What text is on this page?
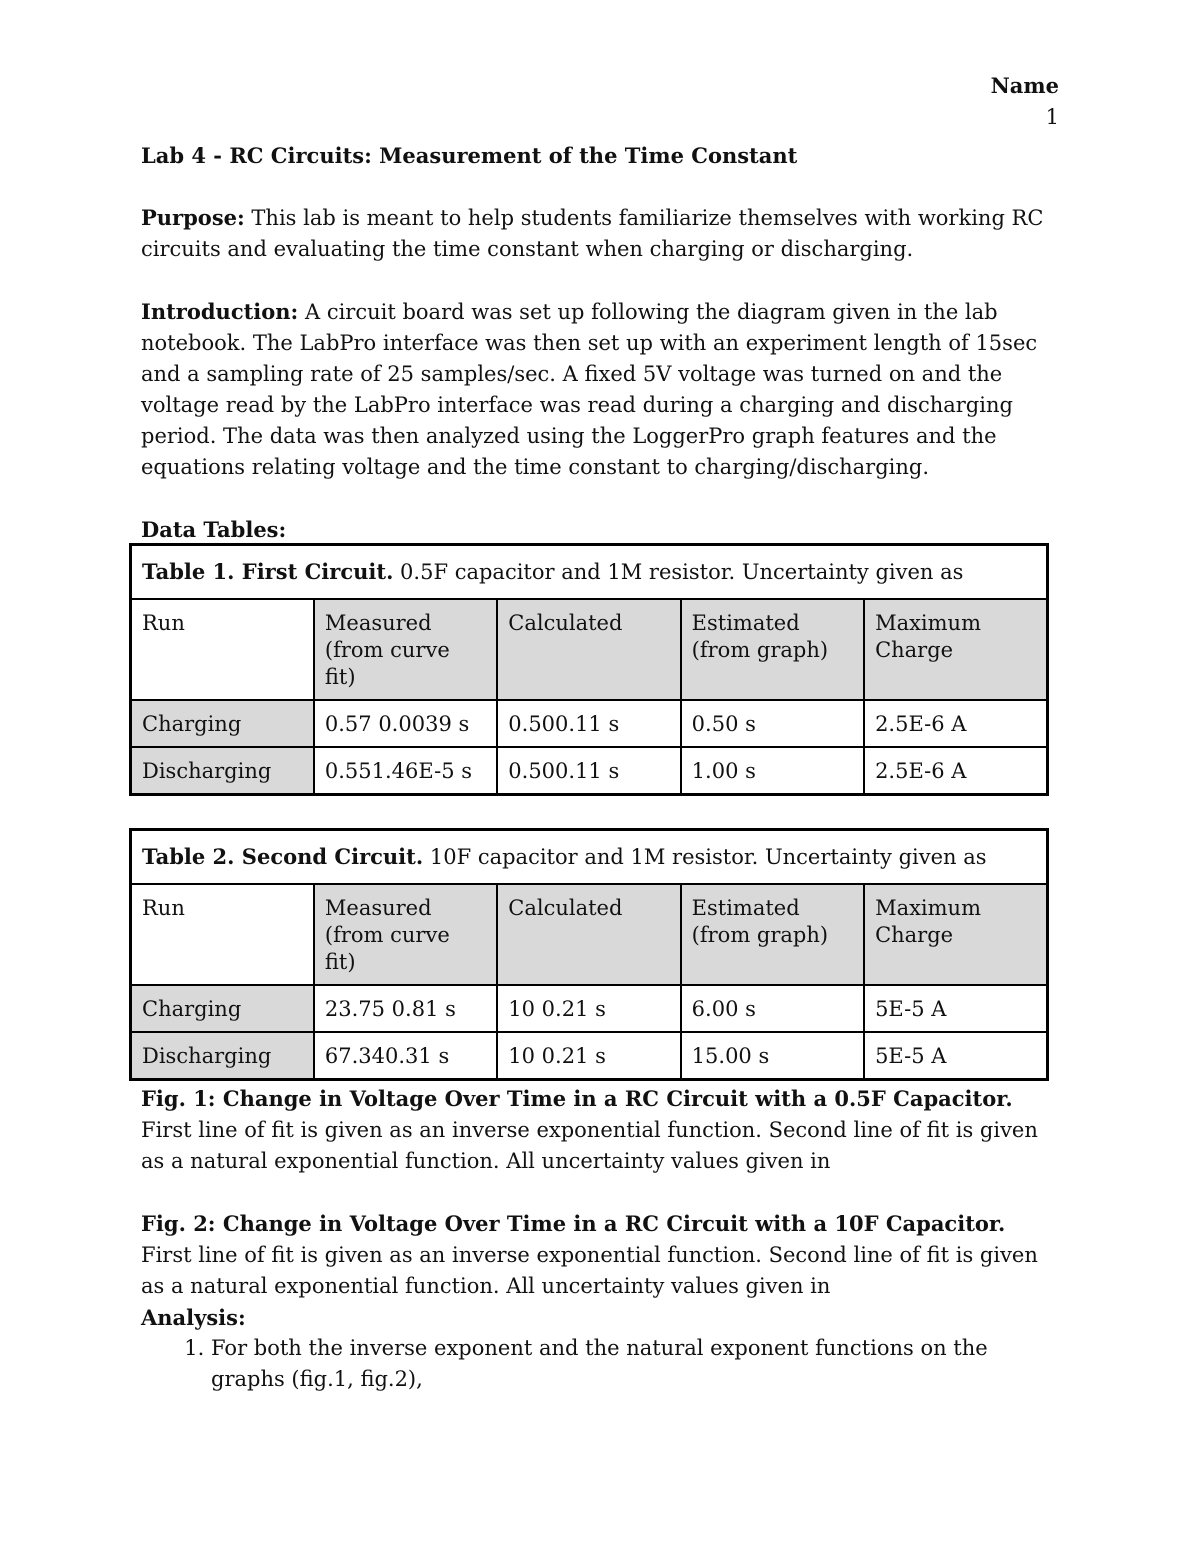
Name
1

Lab 4 - RC Circuits: Measurement of the Time Constant

Purpose: This lab is meant to help students familiarize themselves with working RC circuits and evaluating the time constant when charging or discharging.

Introduction: A circuit board was set up following the diagram given in the lab notebook. The LabPro interface was then set up with an experiment length of 15sec and a sampling rate of 25 samples/sec. A fixed 5V voltage was turned on and the voltage read by the LabPro interface was read during a charging and discharging period. The data was then analyzed using the LoggerPro graph features and the equations relating voltage and the time constant to charging/discharging.

Data Tables:

Table 1. First Circuit. 0.5F capacitor and 1M resistor. Uncertainty given as				
Run	Measured (from curve fit)	Calculated	Estimated (from graph)	Maximum Charge
Charging	0.57 0.0039 s	0.500.11 s	0.50 s	2.5E-6 A
Discharging	0.551.46E-5 s	0.500.11 s	1.00 s	2.5E-6 A
Table 2. Second Circuit. 10F capacitor and 1M resistor. Uncertainty given as				
Run	Measured (from curve fit)	Calculated	Estimated (from graph)	Maximum Charge
Charging	23.75 0.81 s	10 0.21 s	6.00 s	5E-5 A
Discharging	67.340.31 s	10 0.21 s	15.00 s	5E-5 A

Fig. 1: Change in Voltage Over Time in a RC Circuit with a 0.5F Capacitor. First line of fit is given as an inverse exponential function. Second line of fit is given as a natural exponential function. All uncertainty values given in

Fig. 2: Change in Voltage Over Time in a RC Circuit with a 10F Capacitor. First line of fit is given as an inverse exponential function. Second line of fit is given as a natural exponential function. All uncertainty values given in

Analysis:

1. For both the inverse exponent and the natural exponent functions on the graphs (fig.1, fig.2),
